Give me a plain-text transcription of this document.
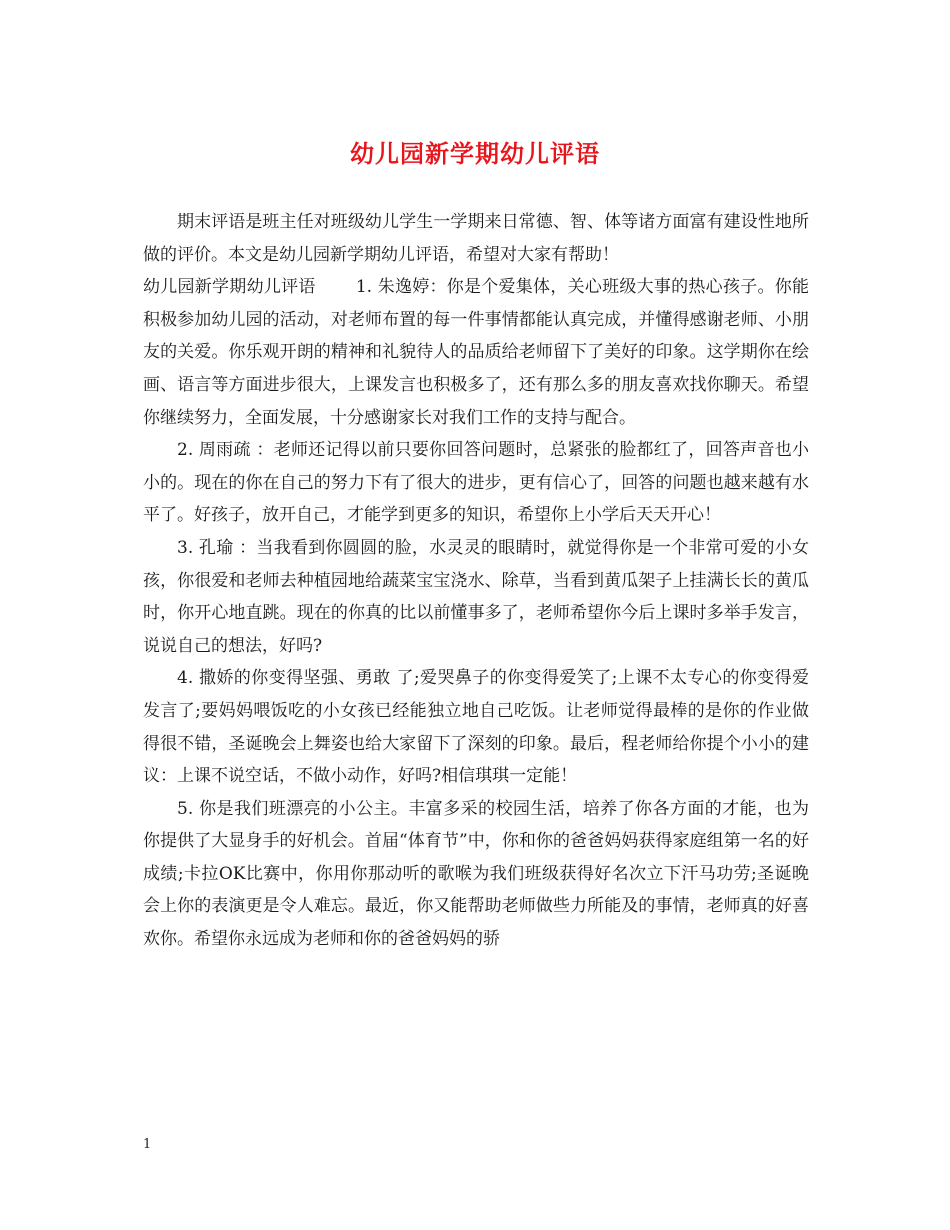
幼儿园新学期幼儿评语

期末评语是班主任对班级幼儿学生一学期来日常德、智、体等诸方面富有建设性地所做的评价。本文是幼儿园新学期幼儿评语，希望对大家有帮助！

幼儿园新学期幼儿评语　　 1. 朱逸婷：你是个爱集体，关心班级大事的热心孩子。你能积极参加幼儿园的活动，对老师布置的每一件事情都能认真完成，并懂得感谢老师、小朋友的关爱。你乐观开朗的精神和礼貌待人的品质给老师留下了美好的印象。这学期你在绘画、语言等方面进步很大，上课发言也积极多了，还有那么多的朋友喜欢找你聊天。希望你继续努力，全面发展，十分感谢家长对我们工作的支持与配合。

2. 周雨疏 ：老师还记得以前只要你回答问题时，总紧张的脸都红了，回答声音也小小的。现在的你在自己的努力下有了很大的进步，更有信心了，回答的问题也越来越有水平了。好孩子，放开自己，才能学到更多的知识，希望你上小学后天天开心！

3. 孔瑜 ：当我看到你圆圆的脸，水灵灵的眼睛时，就觉得你是一个非常可爱的小女孩，你很爱和老师去种植园地给蔬菜宝宝浇水、除草，当看到黄瓜架子上挂满长长的黄瓜时，你开心地直跳。现在的你真的比以前懂事多了，老师希望你今后上课时多举手发言，说说自己的想法，好吗?

4. 撒娇的你变得坚强、勇敢 了;爱哭鼻子的你变得爱笑了;上课不太专心的你变得爱发言了;要妈妈喂饭吃的小女孩已经能独立地自己吃饭。让老师觉得最棒的是你的作业做得很不错，圣诞晚会上舞姿也给大家留下了深刻的印象。最后，程老师给你提个小小的建议：上课不说空话，不做小动作，好吗?相信琪琪一定能！

5. 你是我们班漂亮的小公主。丰富多采的校园生活，培养了你各方面的才能，也为你提供了大显身手的好机会。首届“体育节”中，你和你的爸爸妈妈获得家庭组第一名的好成绩;卡拉OK比赛中，你用你那动听的歌喉为我们班级获得好名次立下汗马功劳;圣诞晚会上你的表演更是令人难忘。最近，你又能帮助老师做些力所能及的事情，老师真的好喜欢你。希望你永远成为老师和你的爸爸妈妈的骄

1
